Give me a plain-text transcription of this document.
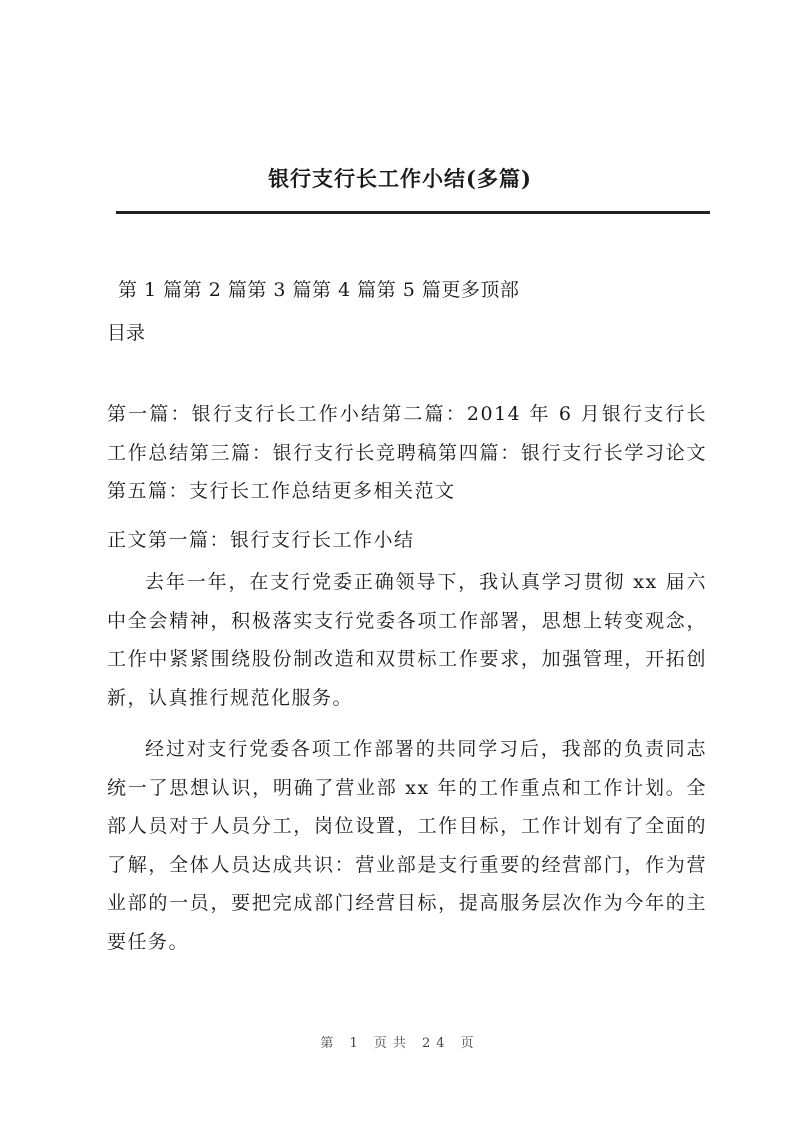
银行支行长工作小结(多篇)
第 1 篇第 2 篇第 3 篇第 4 篇第 5 篇更多顶部
目录

第一篇：银行支行长工作小结第二篇：2014 年 6 月银行支行长工作总结第三篇：银行支行长竞聘稿第四篇：银行支行长学习论文第五篇：支行长工作总结更多相关范文

正文第一篇：银行支行长工作小结

去年一年，在支行党委正确领导下，我认真学习贯彻 xx 届六中全会精神，积极落实支行党委各项工作部署，思想上转变观念，工作中紧紧围绕股份制改造和双贯标工作要求，加强管理，开拓创新，认真推行规范化服务。

经过对支行党委各项工作部署的共同学习后，我部的负责同志统一了思想认识，明确了营业部 xx 年的工作重点和工作计划。全部人员对于人员分工，岗位设置，工作目标，工作计划有了全面的了解，全体人员达成共识：营业部是支行重要的经营部门，作为营业部的一员，要把完成部门经营目标，提高服务层次作为今年的主要任务。

第 1 页共 24 页
